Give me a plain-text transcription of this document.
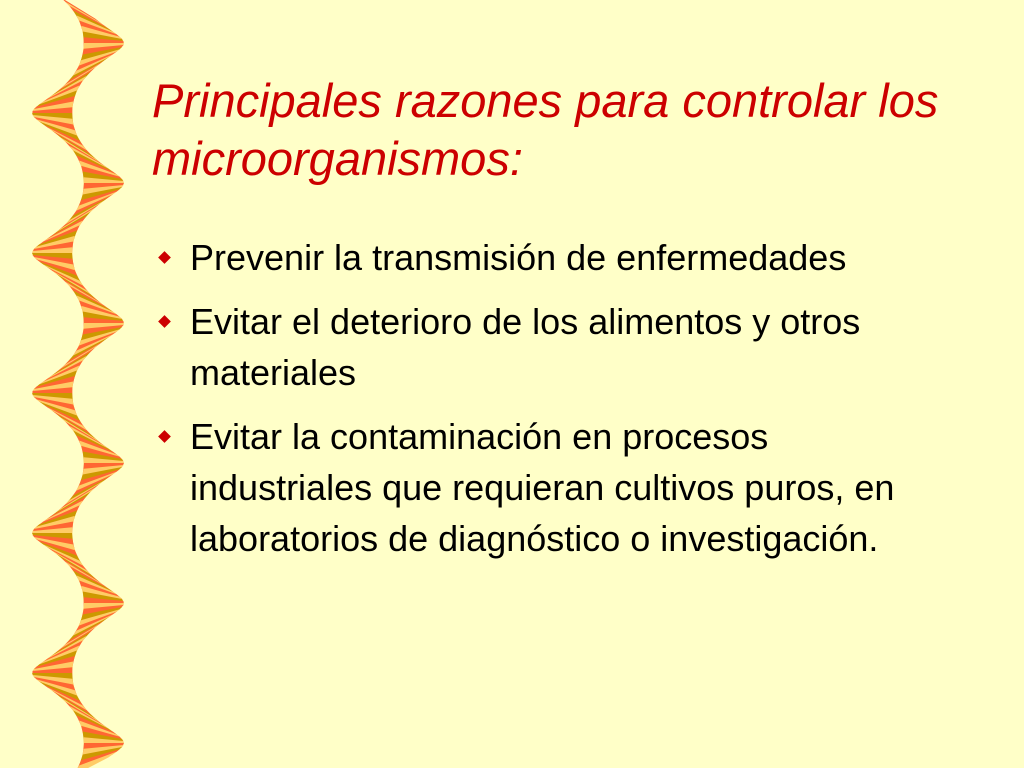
Principales razones para controlar los microorganismos:
Prevenir la transmisión de enfermedades
Evitar el deterioro de los alimentos y otros materiales
Evitar la contaminación en procesos industriales que requieran cultivos puros, en laboratorios de diagnóstico o investigación.
